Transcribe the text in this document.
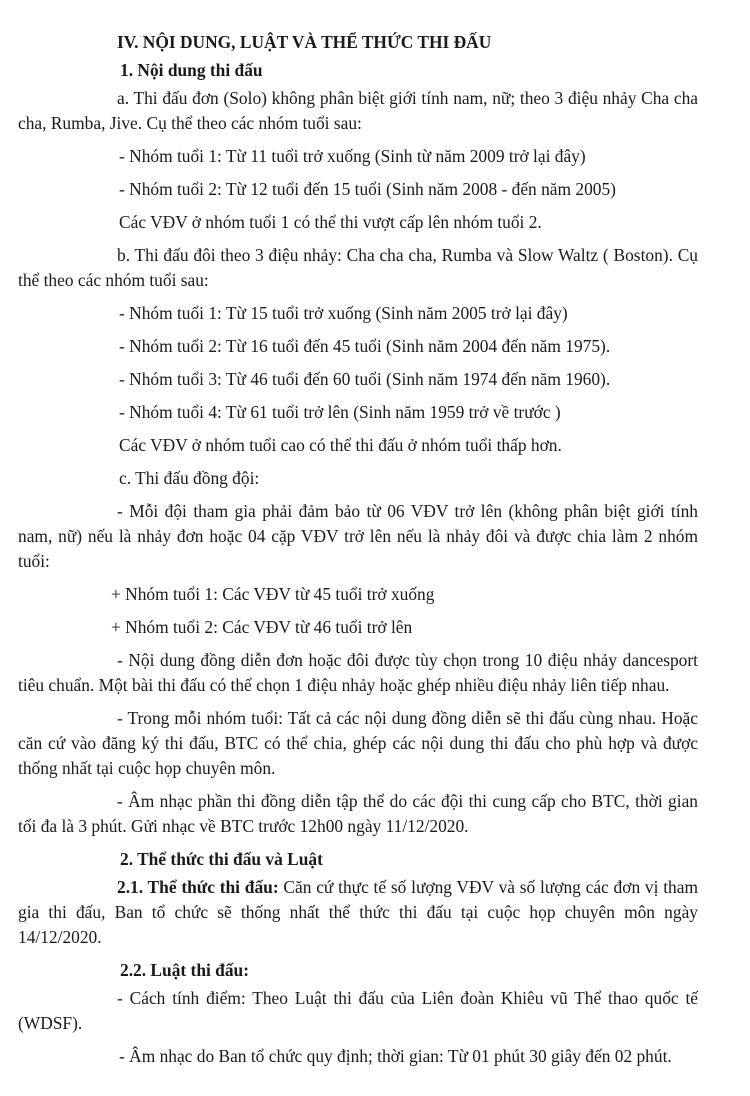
IV. NỘI DUNG, LUẬT VÀ THỂ THỨC THI ĐẤU

1. Nội dung thi đấu

a. Thi đấu đơn (Solo) không phân biệt giới tính nam, nữ; theo 3 điệu nhảy Cha cha cha, Rumba, Jive. Cụ thể theo các nhóm tuổi sau:

- Nhóm tuổi 1: Từ 11 tuổi trở xuống (Sinh từ năm 2009 trở lại đây)

- Nhóm tuổi 2: Từ 12 tuổi đến 15 tuổi (Sinh năm 2008 - đến năm 2005)

Các VĐV ở nhóm tuổi 1 có thể thi vượt cấp lên nhóm tuổi 2.

b. Thi đấu đôi theo 3 điệu nhảy: Cha cha cha, Rumba và Slow Waltz ( Boston). Cụ thể theo các nhóm tuổi sau:

- Nhóm tuổi 1: Từ 15 tuổi trở xuống (Sinh năm 2005 trở lại đây)

- Nhóm tuổi 2: Từ 16 tuổi đến 45 tuổi (Sinh năm 2004 đến năm 1975).

- Nhóm tuổi 3: Từ 46 tuổi đến 60 tuổi (Sinh năm 1974 đến năm 1960).

- Nhóm tuổi 4: Từ 61 tuổi trở lên (Sinh năm 1959 trở về trước )

Các VĐV ở nhóm tuổi cao có thể thi đấu ở nhóm tuổi thấp hơn.

c. Thi đấu đồng đội:

- Mỗi đội tham gia phải đảm bảo từ 06 VĐV trở lên (không phân biệt giới tính nam, nữ) nếu là nhảy đơn hoặc 04 cặp VĐV trở lên nếu là nhảy đôi và được chia làm 2 nhóm tuổi:

+ Nhóm tuổi 1: Các VĐV từ 45 tuổi trở xuống

+ Nhóm tuổi 2: Các VĐV từ 46 tuổi trở lên

- Nội dung đồng diễn đơn hoặc đôi được tùy chọn trong 10 điệu nhảy dancesport tiêu chuẩn. Một bài thi đấu có thể chọn 1 điệu nhảy hoặc ghép nhiều điệu nhảy liên tiếp nhau.

- Trong mỗi nhóm tuổi: Tất cả các nội dung đồng diễn sẽ thi đấu cùng nhau. Hoặc căn cứ vào đăng ký thi đấu, BTC có thể chia, ghép các nội dung thi đấu cho phù hợp và được thống nhất tại cuộc họp chuyên môn.

- Âm nhạc phần thi đồng diễn tập thể do các đội thi cung cấp cho BTC, thời gian tối đa là 3 phút. Gửi nhạc về BTC trước 12h00 ngày 11/12/2020.

2. Thể thức thi đấu và Luật

2.1. Thể thức thi đấu: Căn cứ thực tế số lượng VĐV và số lượng các đơn vị tham gia thi đấu, Ban tổ chức sẽ thống nhất thể thức thi đấu tại cuộc họp chuyên môn ngày 14/12/2020.

2.2. Luật thi đấu:

- Cách tính điểm: Theo Luật thi đấu của Liên đoàn Khiêu vũ Thể thao quốc tế (WDSF).

- Âm nhạc do Ban tổ chức quy định; thời gian: Từ 01 phút 30 giây đến 02 phút.
